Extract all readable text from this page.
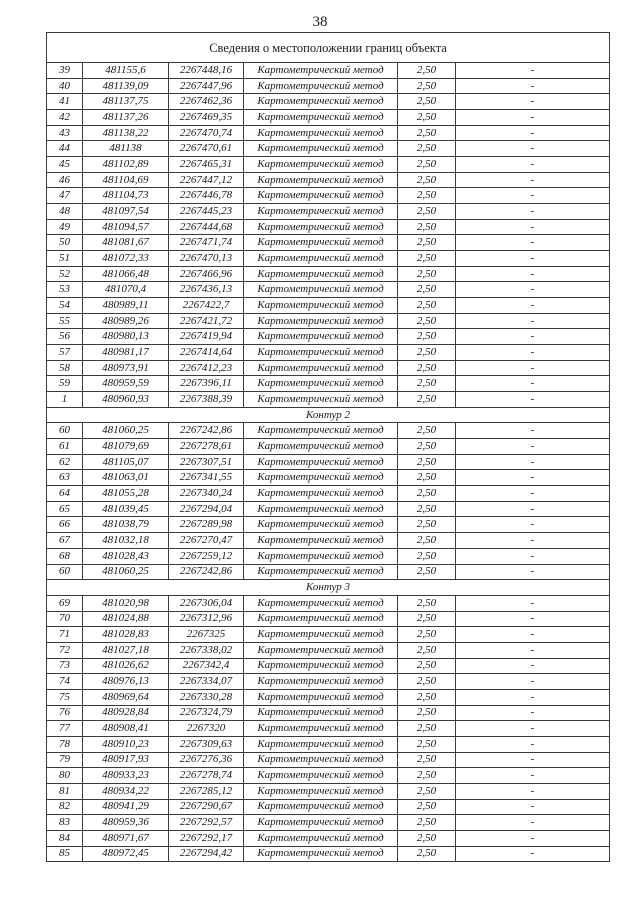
38
Сведения о местоположении границ объекта					
39	481155,6	2267448,16	Картометрический метод	2,50	-
40	481139,09	2267447,96	Картометрический метод	2,50	-
41	481137,75	2267462,36	Картометрический метод	2,50	-
42	481137,26	2267469,35	Картометрический метод	2,50	-
43	481138,22	2267470,74	Картометрический метод	2,50	-
44	481138	2267470,61	Картометрический метод	2,50	-
45	481102,89	2267465,31	Картометрический метод	2,50	-
46	481104,69	2267447,12	Картометрический метод	2,50	-
47	481104,73	2267446,78	Картометрический метод	2,50	-
48	481097,54	2267445,23	Картометрический метод	2,50	-
49	481094,57	2267444,68	Картометрический метод	2,50	-
50	481081,67	2267471,74	Картометрический метод	2,50	-
51	481072,33	2267470,13	Картометрический метод	2,50	-
52	481066,48	2267466,96	Картометрический метод	2,50	-
53	481070,4	2267436,13	Картометрический метод	2,50	-
54	480989,11	2267422,7	Картометрический метод	2,50	-
55	480989,26	2267421,72	Картометрический метод	2,50	-
56	480980,13	2267419,94	Картометрический метод	2,50	-
57	480981,17	2267414,64	Картометрический метод	2,50	-
58	480973,91	2267412,23	Картометрический метод	2,50	-
59	480959,59	2267396,11	Картометрический метод	2,50	-
1	480960,93	2267388,39	Картометрический метод	2,50	-
Контур 2					
60	481060,25	2267242,86	Картометрический метод	2,50	-
61	481079,69	2267278,61	Картометрический метод	2,50	-
62	481105,07	2267307,51	Картометрический метод	2,50	-
63	481063,01	2267341,55	Картометрический метод	2,50	-
64	481055,28	2267340,24	Картометрический метод	2,50	-
65	481039,45	2267294,04	Картометрический метод	2,50	-
66	481038,79	2267289,98	Картометрический метод	2,50	-
67	481032,18	2267270,47	Картометрический метод	2,50	-
68	481028,43	2267259,12	Картометрический метод	2,50	-
60	481060,25	2267242,86	Картометрический метод	2,50	-
Контур 3					
69	481020,98	2267306,04	Картометрический метод	2,50	-
70	481024,88	2267312,96	Картометрический метод	2,50	-
71	481028,83	2267325	Картометрический метод	2,50	-
72	481027,18	2267338,02	Картометрический метод	2,50	-
73	481026,62	2267342,4	Картометрический метод	2,50	-
74	480976,13	2267334,07	Картометрический метод	2,50	-
75	480969,64	2267330,28	Картометрический метод	2,50	-
76	480928,84	2267324,79	Картометрический метод	2,50	-
77	480908,41	2267320	Картометрический метод	2,50	-
78	480910,23	2267309,63	Картометрический метод	2,50	-
79	480917,93	2267276,36	Картометрический метод	2,50	-
80	480933,23	2267278,74	Картометрический метод	2,50	-
81	480934,22	2267285,12	Картометрический метод	2,50	-
82	480941,29	2267290,67	Картометрический метод	2,50	-
83	480959,36	2267292,57	Картометрический метод	2,50	-
84	480971,67	2267292,17	Картометрический метод	2,50	-
85	480972,45	2267294,42	Картометрический метод	2,50	-
